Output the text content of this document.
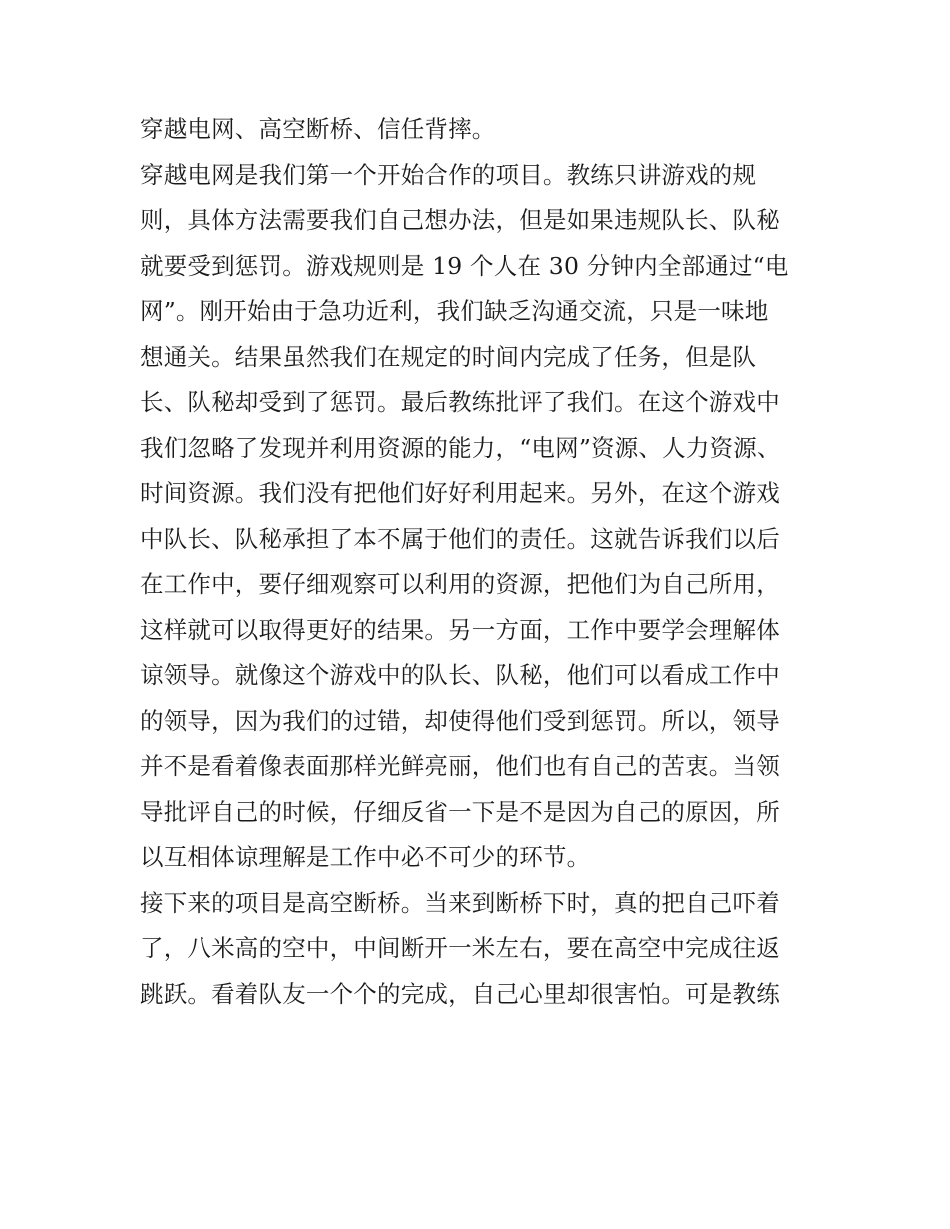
穿越电网、高空断桥、信任背摔。
穿越电网是我们第一个开始合作的项目。教练只讲游戏的规
则，具体方法需要我们自己想办法，但是如果违规队长、队秘
就要受到惩罚。游戏规则是 19 个人在 30 分钟内全部通过“电
网”。刚开始由于急功近利，我们缺乏沟通交流，只是一味地
想通关。结果虽然我们在规定的时间内完成了任务，但是队
长、队秘却受到了惩罚。最后教练批评了我们。在这个游戏中
我们忽略了发现并利用资源的能力，“电网”资源、人力资源、
时间资源。我们没有把他们好好利用起来。另外，在这个游戏
中队长、队秘承担了本不属于他们的责任。这就告诉我们以后
在工作中，要仔细观察可以利用的资源，把他们为自己所用，
这样就可以取得更好的结果。另一方面，工作中要学会理解体
谅领导。就像这个游戏中的队长、队秘，他们可以看成工作中
的领导，因为我们的过错，却使得他们受到惩罚。所以，领导
并不是看着像表面那样光鲜亮丽，他们也有自己的苦衷。当领
导批评自己的时候，仔细反省一下是不是因为自己的原因，所
以互相体谅理解是工作中必不可少的环节。
接下来的项目是高空断桥。当来到断桥下时，真的把自己吓着
了，八米高的空中，中间断开一米左右，要在高空中完成往返
跳跃。看着队友一个个的完成，自己心里却很害怕。可是教练
